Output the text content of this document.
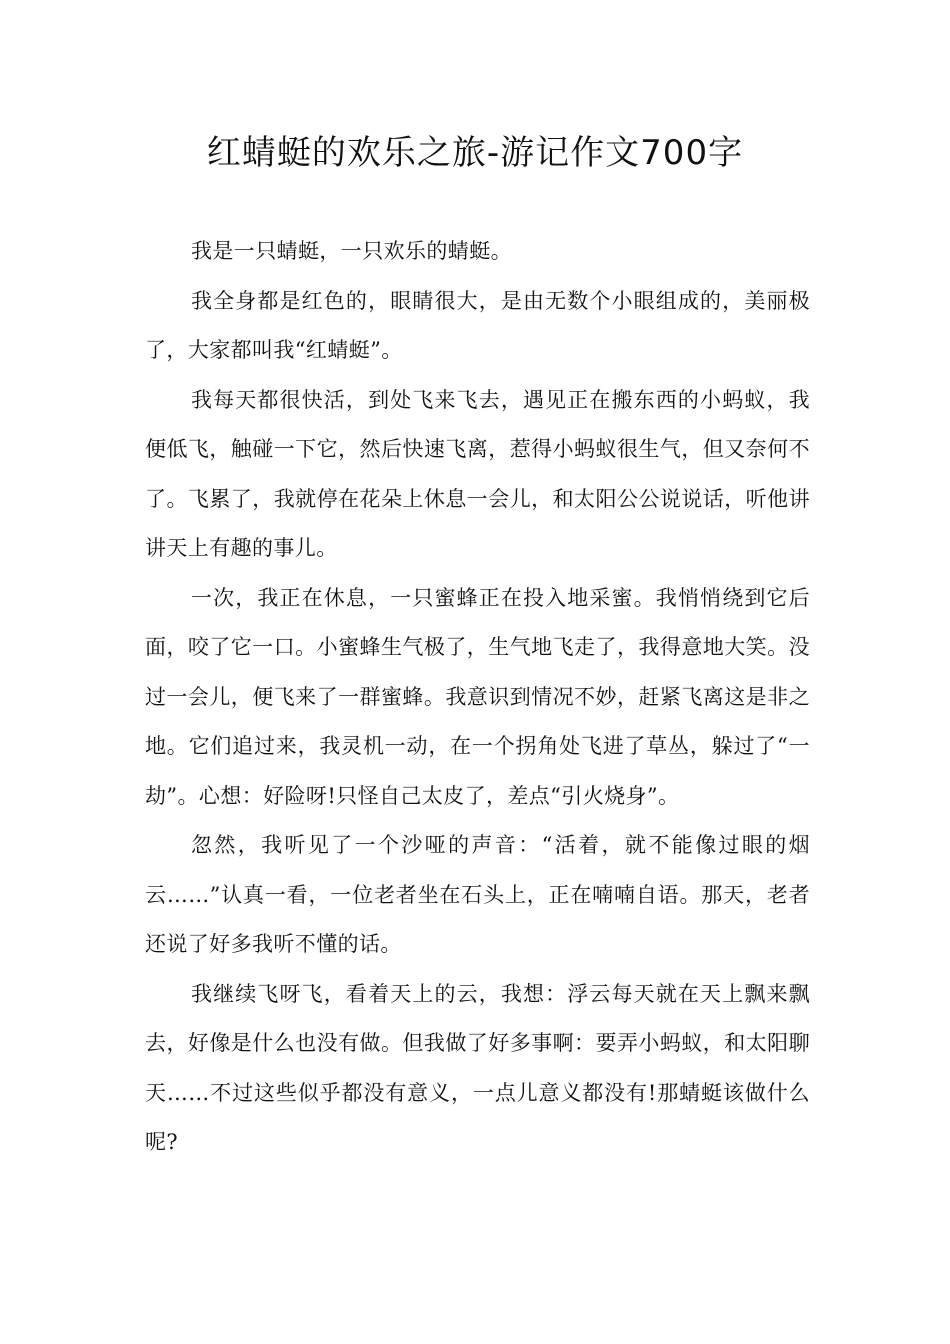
红蜻蜓的欢乐之旅-游记作文700字

我是一只蜻蜓，一只欢乐的蜻蜓。

我全身都是红色的，眼睛很大，是由无数个小眼组成的，美丽极了，大家都叫我“红蜻蜓”。

我每天都很快活，到处飞来飞去，遇见正在搬东西的小蚂蚁，我便低飞，触碰一下它，然后快速飞离，惹得小蚂蚁很生气，但又奈何不了。飞累了，我就停在花朵上休息一会儿，和太阳公公说说话，听他讲讲天上有趣的事儿。

一次，我正在休息，一只蜜蜂正在投入地采蜜。我悄悄绕到它后面，咬了它一口。小蜜蜂生气极了，生气地飞走了，我得意地大笑。没过一会儿，便飞来了一群蜜蜂。我意识到情况不妙，赶紧飞离这是非之地。它们追过来，我灵机一动，在一个拐角处飞进了草丛，躲过了“一劫”。心想：好险呀!只怪自己太皮了，差点“引火烧身”。

忽然，我听见了一个沙哑的声音：“活着，就不能像过眼的烟云……”认真一看，一位老者坐在石头上，正在喃喃自语。那天，老者还说了好多我听不懂的话。

我继续飞呀飞，看着天上的云，我想：浮云每天就在天上飘来飘去，好像是什么也没有做。但我做了好多事啊：要弄小蚂蚁，和太阳聊天……不过这些似乎都没有意义，一点儿意义都没有!那蜻蜓该做什么呢?
